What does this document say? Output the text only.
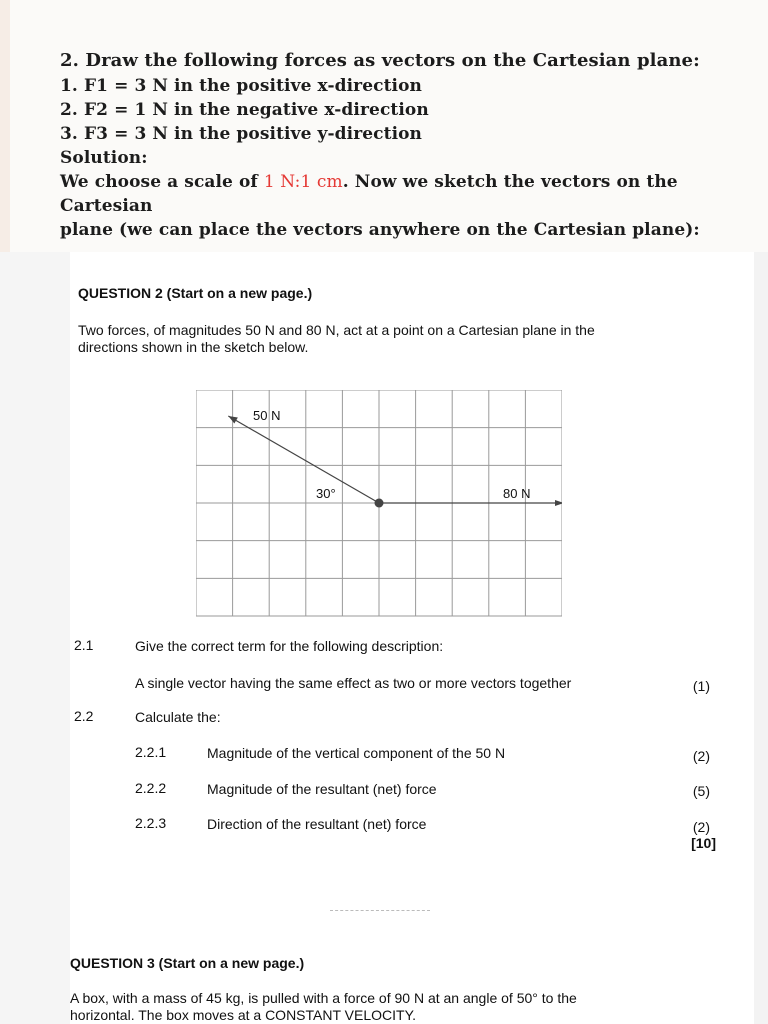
2. Draw the following forces as vectors on the Cartesian plane:
1. F1 = 3 N in the positive x-direction
2. F2 = 1 N in the negative x-direction
3. F3 = 3 N in the positive y-direction
Solution:
We choose a scale of 1 N:1 cm. Now we sketch the vectors on the
Cartesian
plane (we can place the vectors anywhere on the Cartesian plane):
QUESTION 2 (Start on a new page.)
Two forces, of magnitudes 50 N and 80 N, act at a point on a Cartesian plane in the
directions shown in the sketch below.
50 N
30°	80 N
2.1	Give the correct term for the following description:
A single vector having the same effect as two or more vectors together	(1)
2.2	Calculate the:
2.2.1	Magnitude of the vertical component of the 50 N	(2)
2.2.2	Magnitude of the resultant (net) force	(5)
2.2.3	Direction of the resultant (net) force	(2)
[10]
QUESTION 3 (Start on a new page.)
A box, with a mass of 45 kg, is pulled with a force of 90 N at an angle of 50° to the
horizontal. The box moves at a CONSTANT VELOCITY.
